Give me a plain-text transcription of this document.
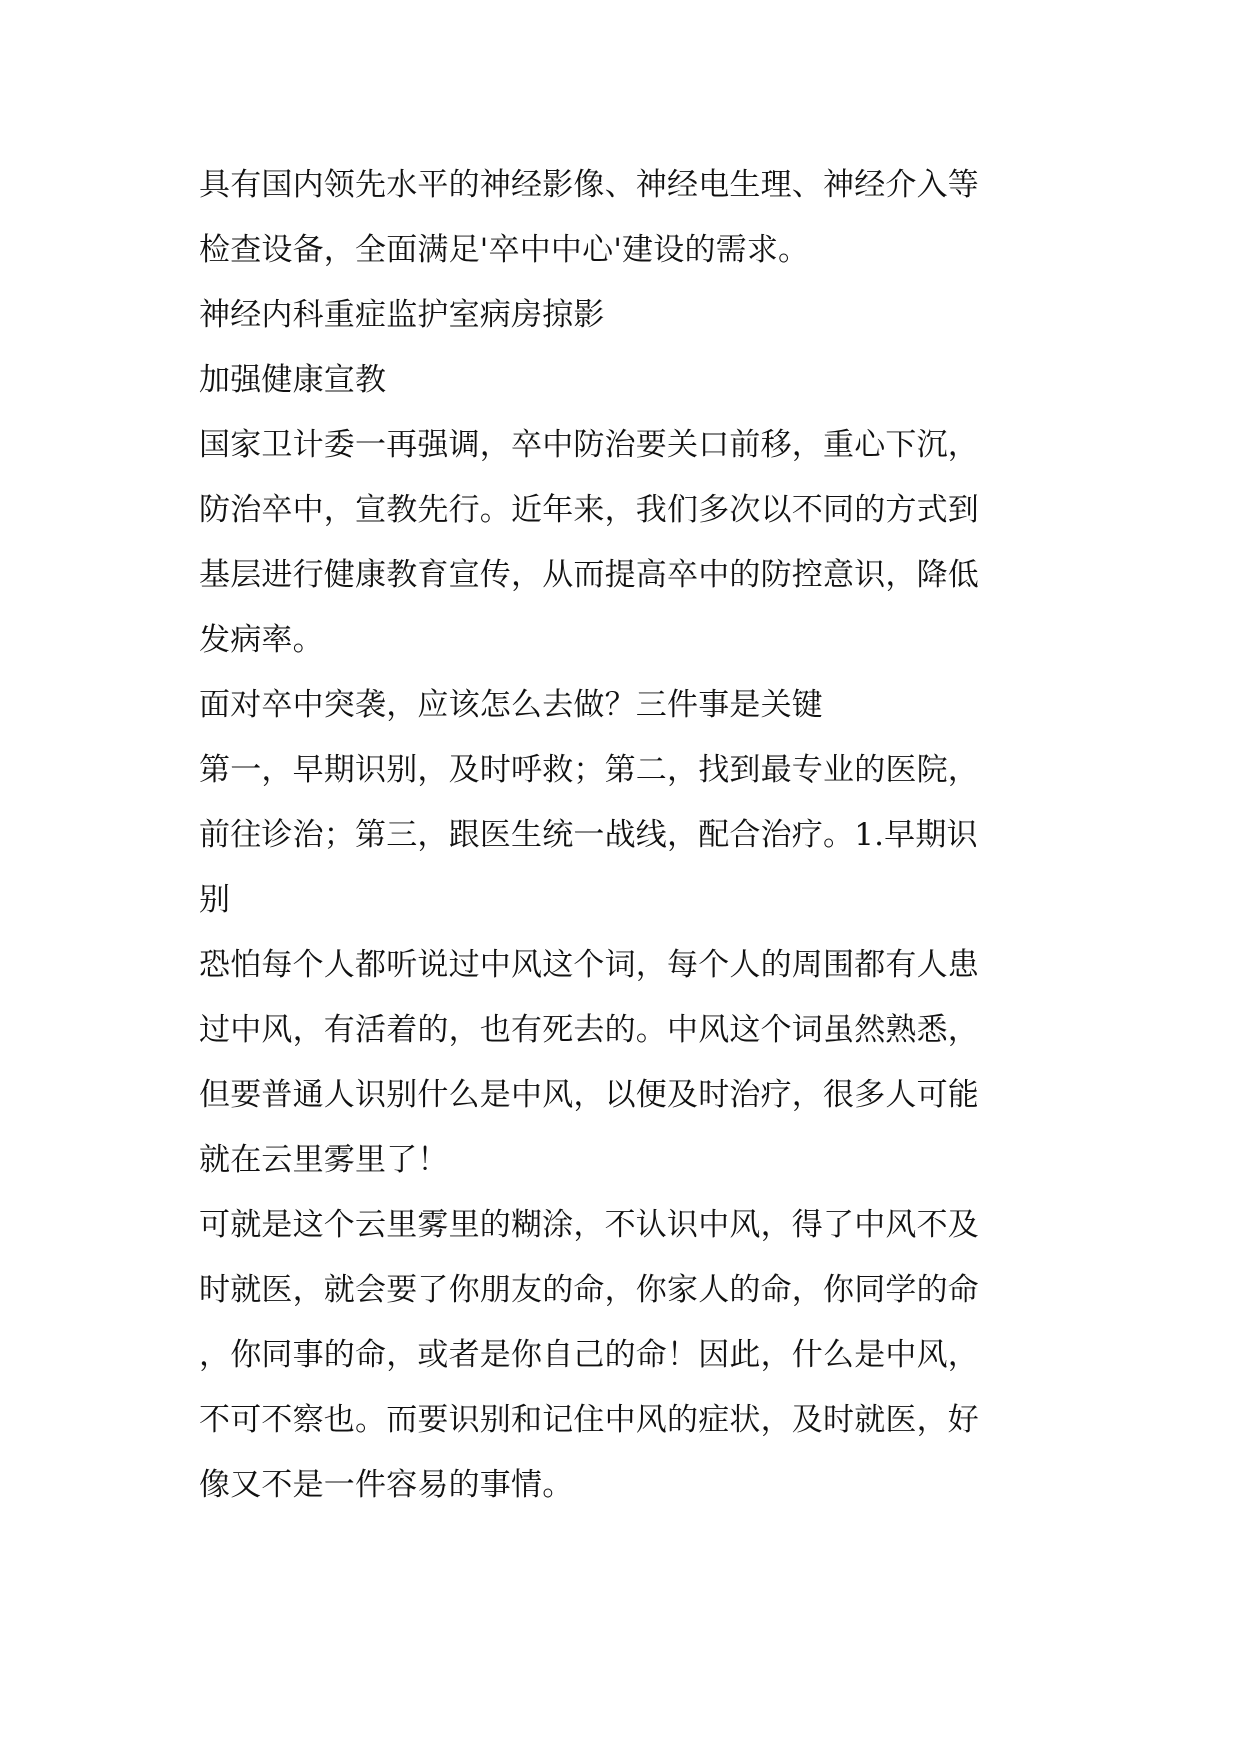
具有国内领先水平的神经影像、神经电生理、神经介入等
检查设备，全面满足'卒中中心'建设的需求。
神经内科重症监护室病房掠影
加强健康宣教
国家卫计委一再强调，卒中防治要关口前移，重心下沉，
防治卒中，宣教先行。近年来，我们多次以不同的方式到
基层进行健康教育宣传，从而提高卒中的防控意识，降低
发病率。
面对卒中突袭，应该怎么去做？三件事是关键
第一，早期识别，及时呼救；第二，找到最专业的医院，
前往诊治；第三，跟医生统一战线，配合治疗。1.早期识
别
恐怕每个人都听说过中风这个词，每个人的周围都有人患
过中风，有活着的，也有死去的。中风这个词虽然熟悉，
但要普通人识别什么是中风，以便及时治疗，很多人可能
就在云里雾里了！
可就是这个云里雾里的糊涂，不认识中风，得了中风不及
时就医，就会要了你朋友的命，你家人的命，你同学的命
，你同事的命，或者是你自己的命！因此，什么是中风，
不可不察也。而要识别和记住中风的症状，及时就医，好
像又不是一件容易的事情。
